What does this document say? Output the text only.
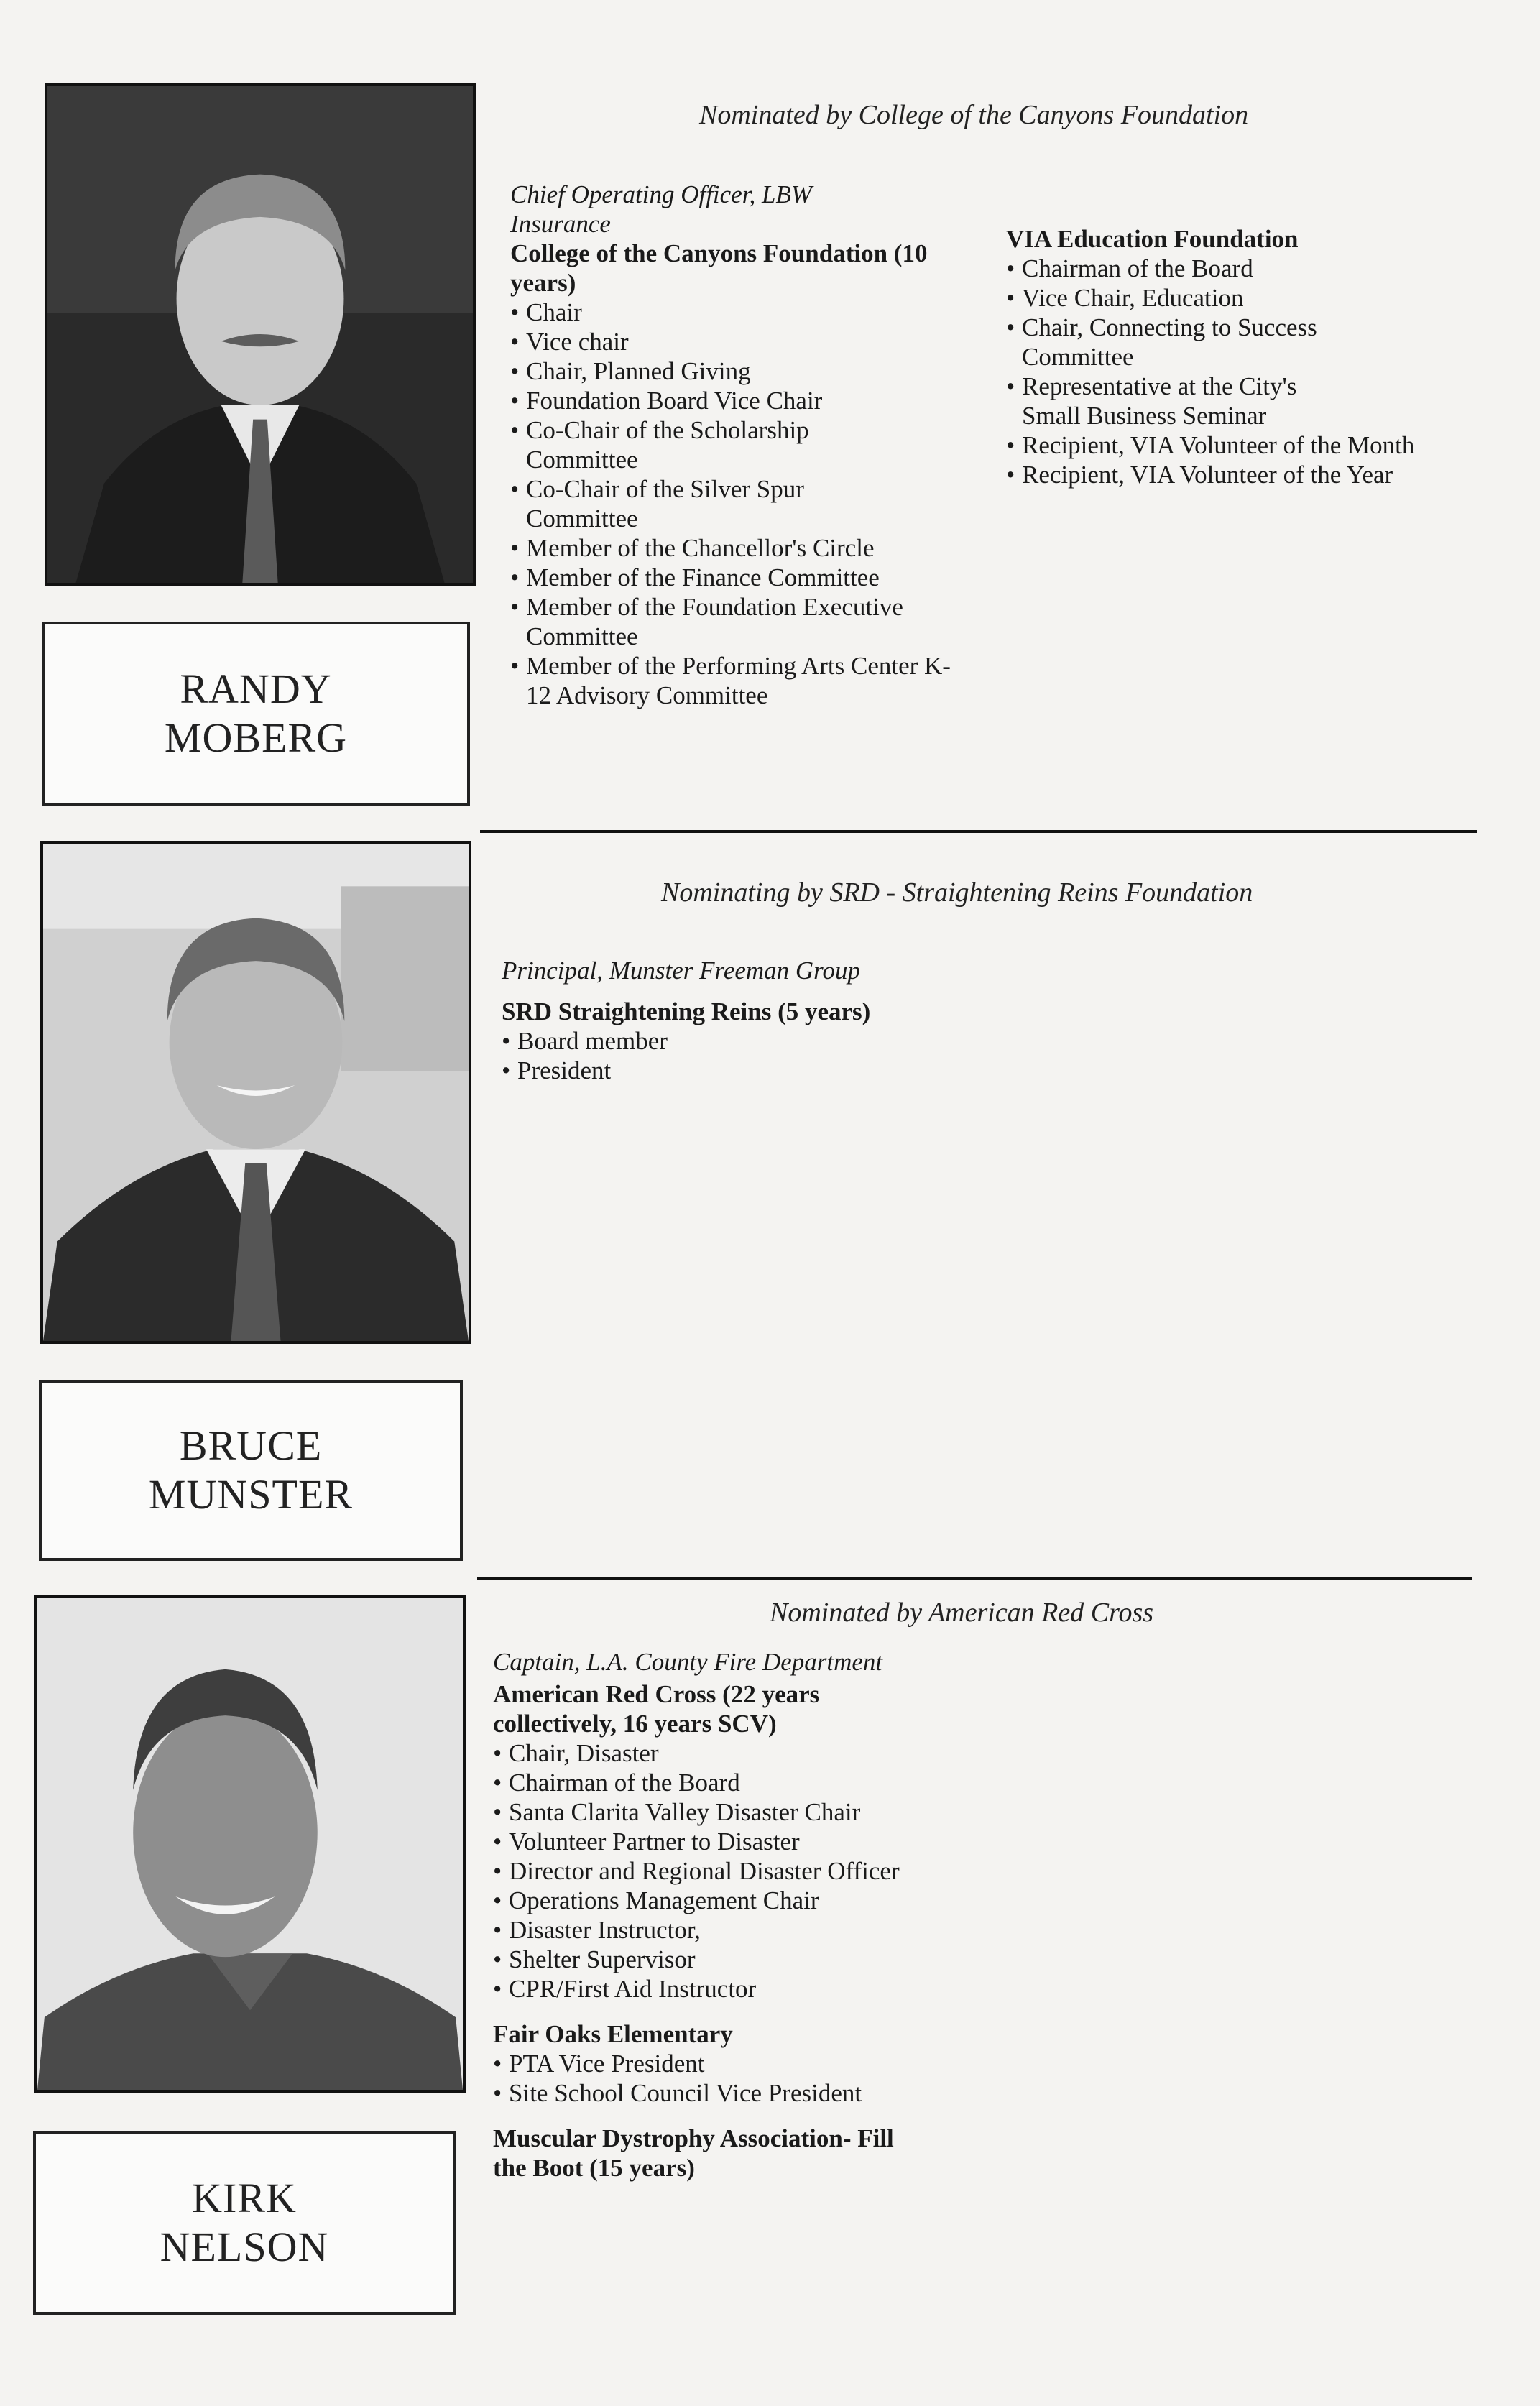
RANDY
MOBERG
Nominated by College of the Canyons Foundation
Chief Operating Officer, LBW Insurance
College of the Canyons Foundation (10 years)
• Chair
• Vice chair
• Chair, Planned Giving
• Foundation Board Vice Chair
• Co-Chair of the Scholarship Committee
• Co-Chair of the Silver Spur Committee
• Member of the Chancellor's Circle
• Member of the Finance Committee
• Member of the Foundation Executive Committee
• Member of the Performing Arts Center K-12 Advisory Committee
VIA Education Foundation
• Chairman of the Board
• Vice Chair, Education
• Chair, Connecting to Success Committee
• Representative at the City's Small Business Seminar
• Recipient, VIA Volunteer of the Month
• Recipient, VIA Volunteer of the Year
BRUCE
MUNSTER
Nominating by SRD - Straightening Reins Foundation
Principal, Munster Freeman Group
SRD Straightening Reins (5 years)
• Board member
• President
KIRK
NELSON
Nominated by American Red Cross
Captain, L.A. County Fire Department
American Red Cross (22 years collectively, 16 years SCV)
• Chair, Disaster
• Chairman of the Board
• Santa Clarita Valley Disaster Chair
• Volunteer Partner to Disaster
• Director and Regional Disaster Officer
• Operations Management Chair
• Disaster Instructor,
• Shelter Supervisor
• CPR/First Aid Instructor
Fair Oaks Elementary
• PTA Vice President
• Site School Council Vice President
Muscular Dystrophy Association- Fill the Boot (15 years)
